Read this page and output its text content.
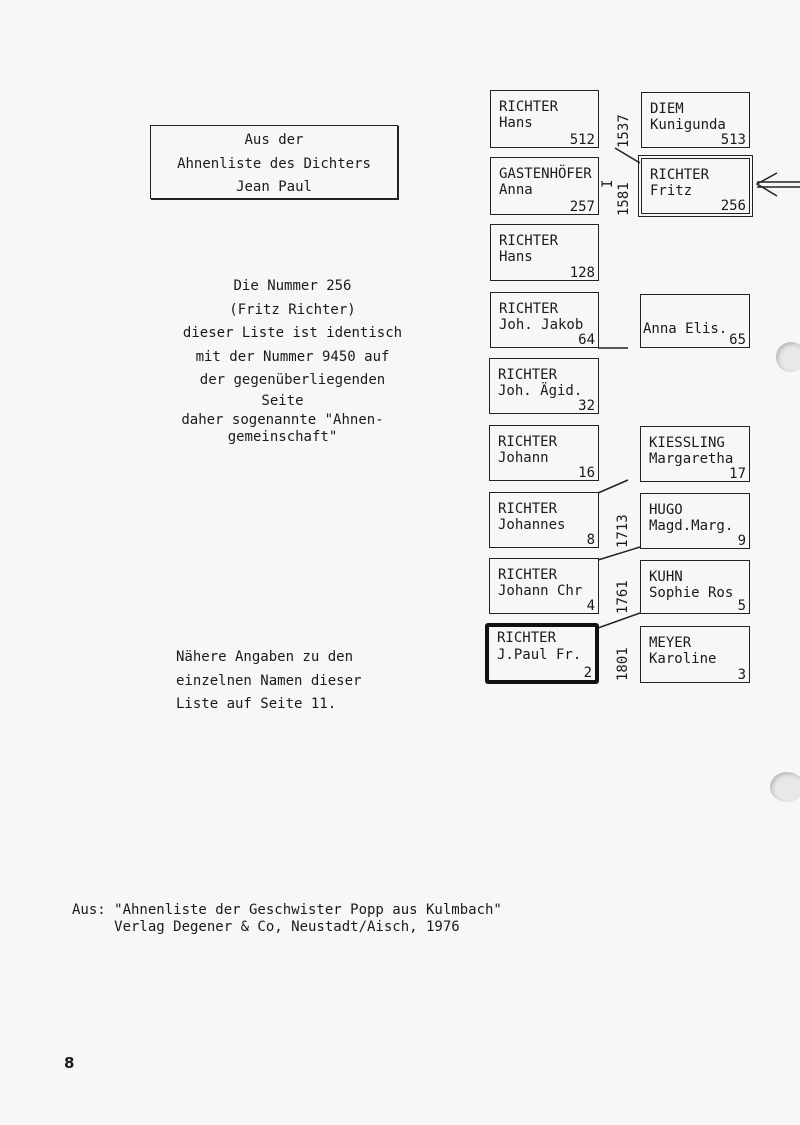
Aus der
Ahnenliste des Dichters
Jean Paul
Die Nummer 256
(Fritz Richter)
dieser Liste ist identisch
mit der Nummer 9450 auf
der gegenüberliegenden
Seite
daher sogenannte "Ahnen-
gemeinschaft"
Nähere Angaben zu den
einzelnen Namen dieser
Liste auf Seite 11.
RICHTER
Hans
512
DIEM
Kunigunda
513
GASTENHÖFER
Anna
257
RICHTER
Fritz
256
RICHTER
Hans
128
RICHTER
Joh. Jakob
64
Anna Elis.
65
RICHTER
Joh. Ägid.
32
RICHTER
Johann
16
KIESSLING
Margaretha
17
RICHTER
Johannes
8
HUGO
Magd.Marg.
9
RICHTER
Johann Chr
4
KUHN
Sophie Ros
5
RICHTER
J.Paul Fr.
2
MEYER
Karoline
3
1537
1581
1713
1761
1801
I
Aus: "Ahnenliste der Geschwister Popp aus Kulmbach"
Verlag Degener & Co, Neustadt/Aisch, 1976
8
